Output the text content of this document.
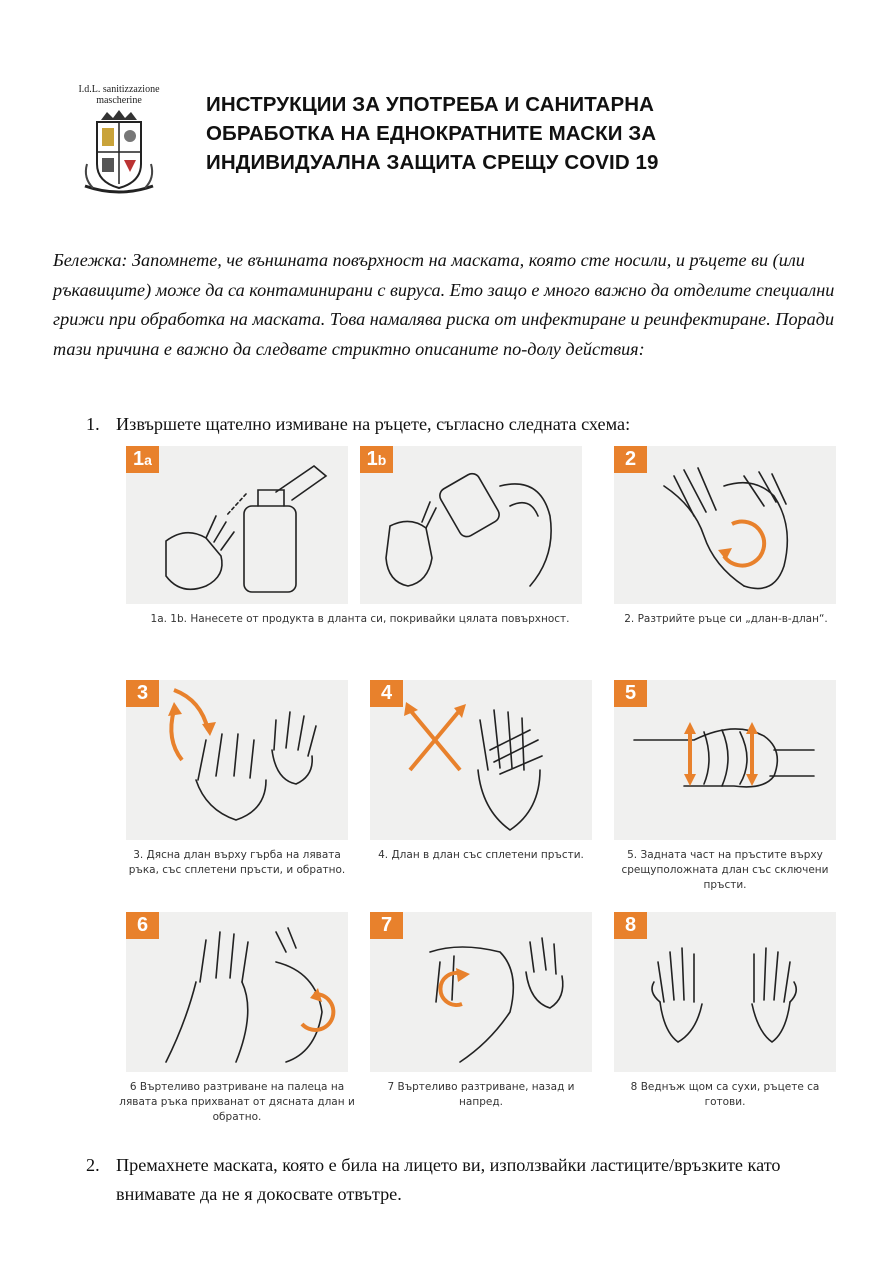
I.d.L. sanitizzazione
mascherine	ИНСТРУКЦИИ ЗА УПОТРЕБА И САНИТАРНА
ОБРАБОТКА НА ЕДНОКРАТНИТЕ МАСКИ ЗА
ИНДИВИДУАЛНА ЗАЩИТА СРЕЩУ COVID 19
Бележка: Запомнете, че външната повърхност на маската, която сте носили, и ръцете ви (или ръкавиците) може да са контаминирани с вируса. Ето защо е много важно да отделите специални грижи при обработка на маската. Това намалява риска от инфектиране и реинфектиране. Поради тази причина е важно да следвате стриктно описаните по-долу действия:
1. Извършете щателно измиване на ръцете, съгласно следната схема:
1a	1b	2
1a. 1b. Нанесете от продукта в дланта си, покривайки цялата повърхност.	2. Разтрийте ръце си „длан-в-длан“.
3	4	5
3. Дясна длан върху гърба на лявата ръка, със сплетени пръсти, и обратно.
4. Длан в длан със сплетени пръсти.	5. Задната част на пръстите върху срещуположната длан със сключени пръсти.
6	7	8
6 Въртеливо разтриване на палеца на лявата ръка прихванат от дясната длан и обратно.
7 Въртеливо разтриване, назад и напред.
8 Веднъж щом са сухи, ръцете са готови.
2. Премахнете маската, която е била на лицето ви, използвайки ластиците/връзките като внимавате да не я докосвате отвътре.
